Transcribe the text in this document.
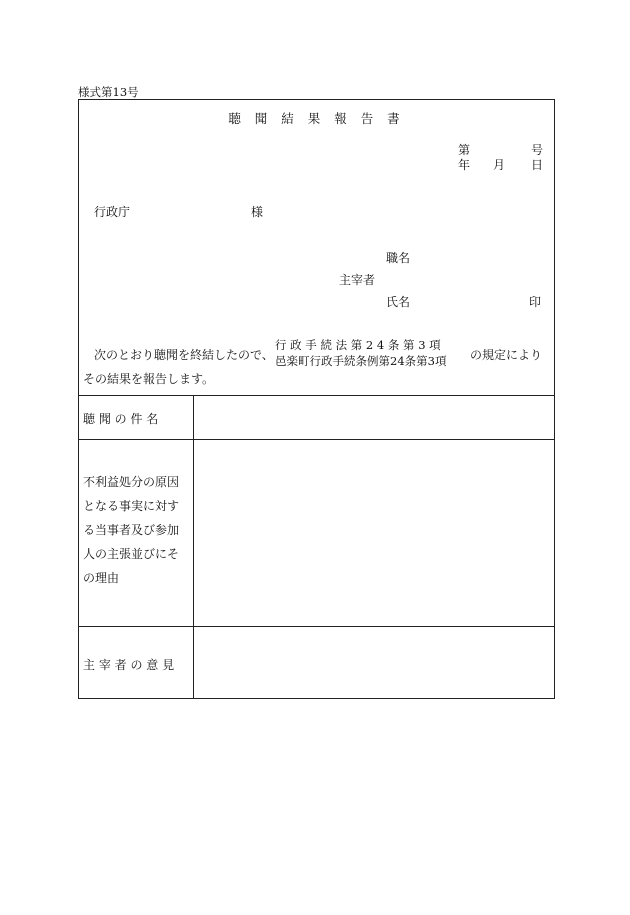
様式第13号
聴 聞 結 果 報 告 書
第	号
年 月 日
行政庁	様
職名
主宰者
氏名	印
次のとおり聴聞を終結したので、
行 政 手 続 法 第 2 4 条 第 3 項
邑楽町行政手続条例第24条第3項 の規定により
その結果を報告します。
聴 聞 の 件 名
不利益処分の原因
となる事実に対す
る当事者及び参加
人の主張並びにそ
の理由
主 宰 者 の 意 見
